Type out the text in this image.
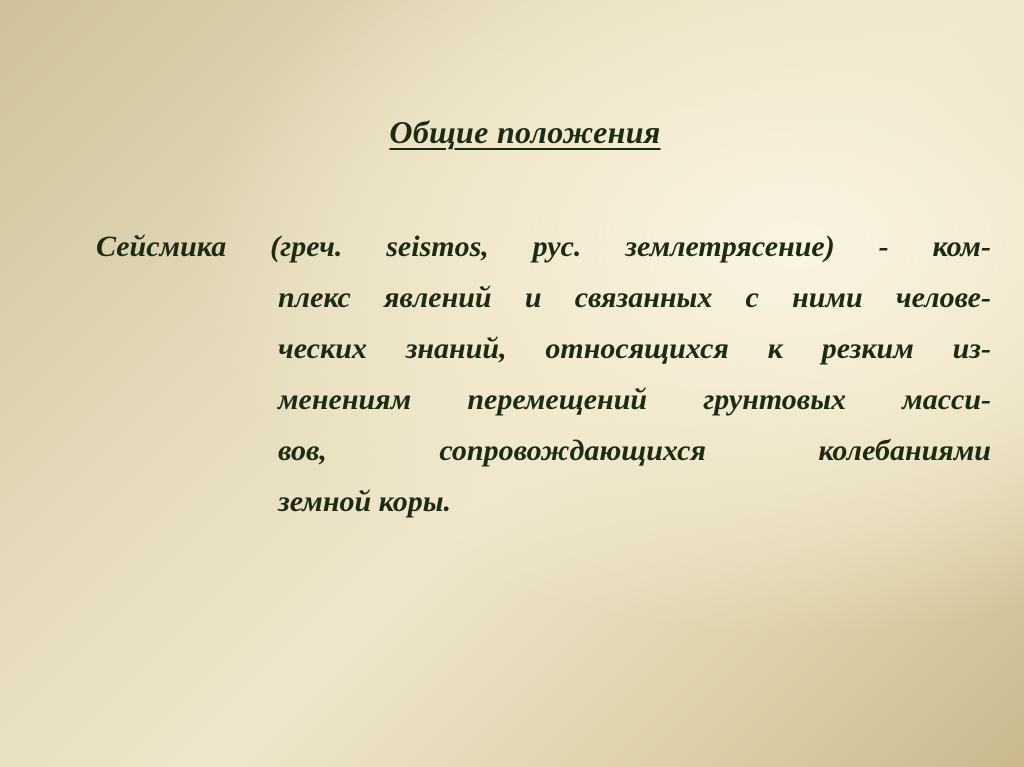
Общие положения
Сейсмика (греч. seismos, рус. землетрясение) - ком-
плекс явлений и связанных с ними челове-
ческих знаний, относящихся к резким из-
менениям перемещений грунтовых масси-
вов,	сопровождающихся	колебаниями
земной коры.
